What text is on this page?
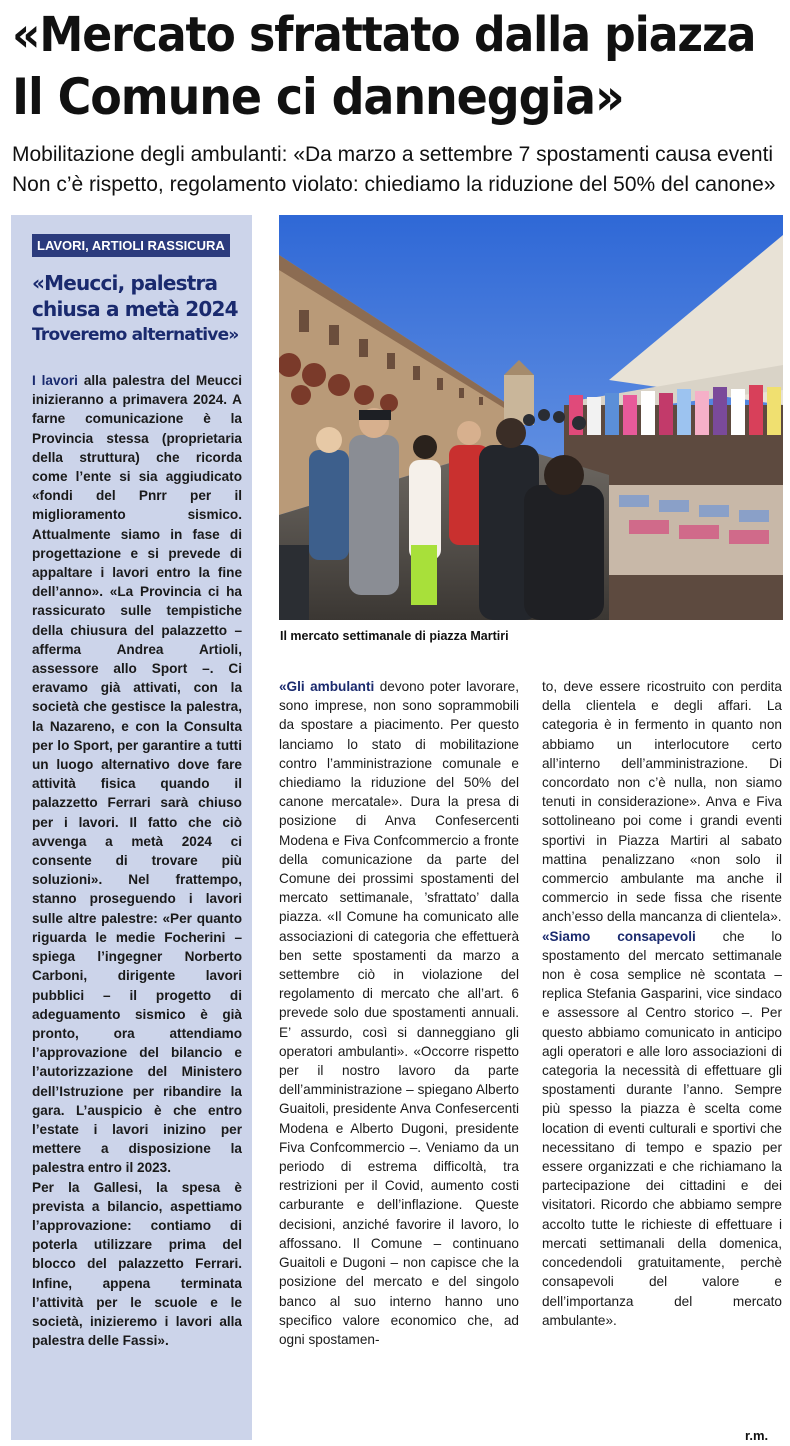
«Mercato sfrattato dalla piazza
Il Comune ci danneggia»
Mobilitazione degli ambulanti: «Da marzo a settembre 7 spostamenti causa eventi
Non c’è rispetto, regolamento violato: chiediamo la riduzione del 50% del canone»
LAVORI, ARTIOLI RASSICURA
«Meucci, palestra
chiusa a metà 2024
Troveremo alternative»

I lavori alla palestra del Meucci inizieranno a primavera 2024. A farne comunicazione è la Provincia stessa (proprietaria della struttura) che ricorda come l’ente si sia aggiudicato «fondi del Pnrr per il miglioramento sismico. Attualmente siamo in fase di progettazione e si prevede di appaltare i lavori entro la fine dell’anno». «La Provincia ci ha rassicurato sulle tempistiche della chiusura del palazzetto – afferma Andrea Artioli, assessore allo Sport –. Ci eravamo già attivati, con la società che gestisce la palestra, la Nazareno, e con la Consulta per lo Sport, per garantire a tutti un luogo alternativo dove fare attività fisica quando il palazzetto Ferrari sarà chiuso per i lavori. Il fatto che ciò avvenga a metà 2024 ci consente di trovare più soluzioni». Nel frattempo, stanno proseguendo i lavori sulle altre palestre: «Per quanto riguarda le medie Focherini – spiega l’ingegner Norberto Carboni, dirigente lavori pubblici – il progetto di adeguamento sismico è già pronto, ora attendiamo l’approvazione del bilancio e l’autorizzazione del Ministero dell’Istruzione per ribandire la gara. L’auspicio è che entro l’estate i lavori inizino per mettere a disposizione la palestra entro il 2023.

Per la Gallesi, la spesa è prevista a bilancio, aspettiamo l’approvazione: contiamo di poterla utilizzare prima del blocco del palazzetto Ferrari. Infine, appena terminata l’attività per le scuole e le società, inizieremo i lavori alla palestra delle Fassi».

Il mercato settimanale di piazza Martiri

«Gli ambulanti devono poter lavorare, sono imprese, non sono soprammobili da spostare a piacimento. Per questo lanciamo lo stato di mobilitazione contro l’amministrazione comunale e chiediamo la riduzione del 50% del canone mercatale». Dura la presa di posizione di Anva Confesercenti Modena e Fiva Confcommercio a fronte della comunicazione da parte del Comune dei prossimi spostamenti del mercato settimanale, ’sfrattato’ dalla piazza. «Il Comune ha comunicato alle associazioni di categoria che effettuerà ben sette spostamenti da marzo a settembre ciò in violazione del regolamento di mercato che all’art. 6 prevede solo due spostamenti annuali. E’ assurdo, così si danneggiano gli operatori ambulanti». «Occorre rispetto per il nostro lavoro da parte dell’amministrazione – spiegano Alberto Guaitoli, presidente Anva Confesercenti Modena e Alberto Dugoni, presidente Fiva Confcommercio –. Veniamo da un periodo di estrema difficoltà, tra restrizioni per il Covid, aumento costi carburante e dell’inflazione. Queste decisioni, anziché favorire il lavoro, lo affossano. Il Comune – continuano Guaitoli e Dugoni – non capisce che la posizione del mercato e del singolo banco al suo interno hanno uno specifico valore economico che, ad ogni spostamen-

to, deve essere ricostruito con perdita della clientela e degli affari. La categoria è in fermento in quanto non abbiamo un interlocutore certo all’interno dell’amministrazione. Di concordato non c’è nulla, non siamo tenuti in considerazione». Anva e Fiva sottolineano poi come i grandi eventi sportivi in Piazza Martiri al sabato mattina penalizzano «non solo il commercio ambulante ma anche il commercio in sede fissa che risente anch’esso della mancanza di clientela».

«Siamo consapevoli che lo spostamento del mercato settimanale non è cosa semplice nè scontata – replica Stefania Gasparini, vice sindaco e assessore al Centro storico –. Per questo abbiamo comunicato in anticipo agli operatori e alle loro associazioni di categoria la necessità di effettuare gli spostamenti durante l’anno. Sempre più spesso la piazza è scelta come location di eventi culturali e sportivi che necessitano di tempo e spazio per essere organizzati e che richiamano la partecipazione dei cittadini e dei visitatori. Ricordo che abbiamo sempre accolto tutte le richieste di effettuare i mercati settimanali della domenica, concedendoli gratuitamente, perchè consapevoli del valore e dell’importanza del mercato ambulante».

r.m.
